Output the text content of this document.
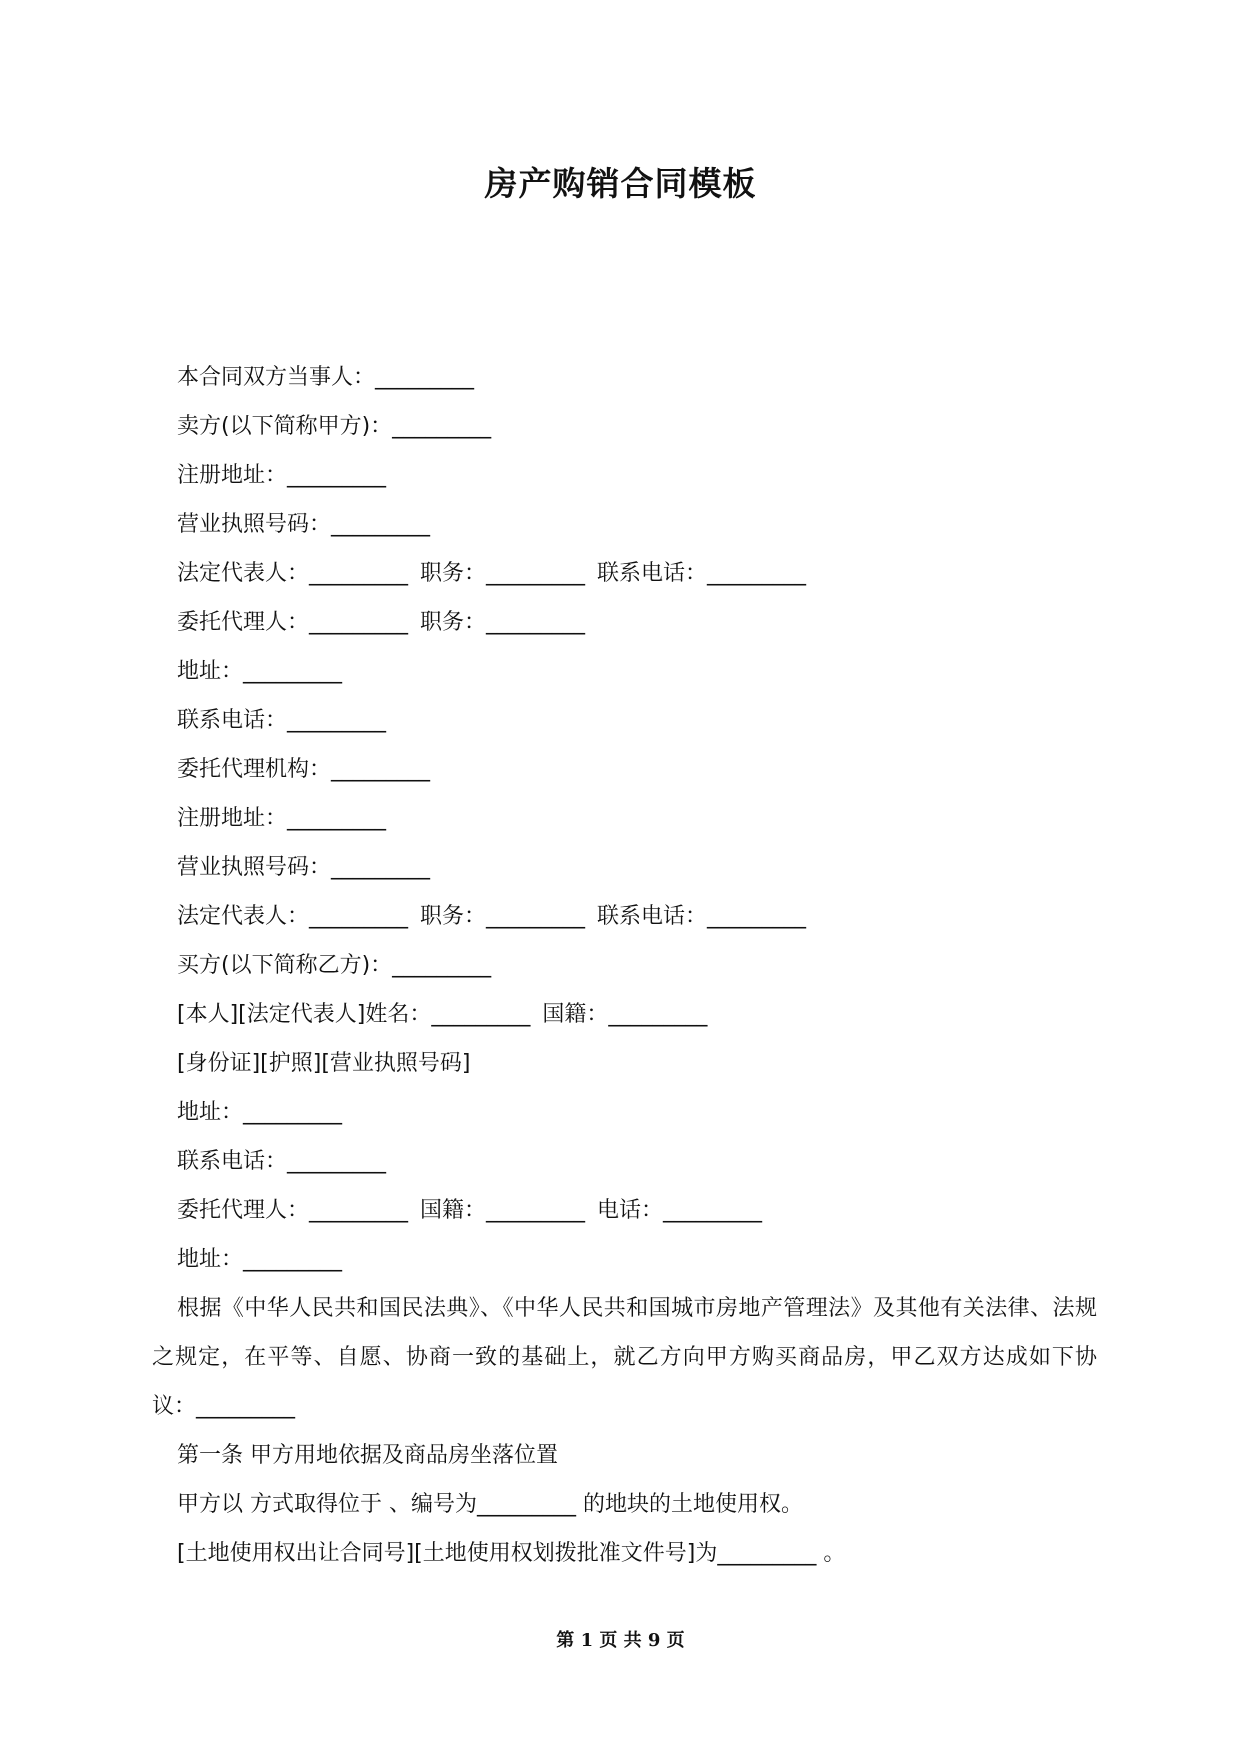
房产购销合同模板
本合同双方当事人：_________
卖方(以下简称甲方)：_________
注册地址：_________
营业执照号码：_________
法定代表人：_________ 职务：_________ 联系电话：_________
委托代理人：_________ 职务：_________
地址：_________
联系电话：_________
委托代理机构：_________
注册地址：_________
营业执照号码：_________
法定代表人：_________ 职务：_________ 联系电话：_________
买方(以下简称乙方)：_________
[本人][法定代表人]姓名：_________ 国籍：_________
[身份证][护照][营业执照号码]
地址：_________
联系电话：_________
委托代理人：_________ 国籍：_________ 电话：_________
地址：_________

根据《中华人民共和国民法典》、《中华人民共和国城市房地产管理法》及其他有关法律、法规之规定，在平等、自愿、协商一致的基础上，就乙方向甲方购买商品房，甲乙双方达成如下协议：_________

第一条 甲方用地依据及商品房坐落位置
甲方以 方式取得位于 、编号为_________ 的地块的土地使用权。
[土地使用权出让合同号][土地使用权划拨批准文件号]为_________ 。
第 1 页 共 9 页
